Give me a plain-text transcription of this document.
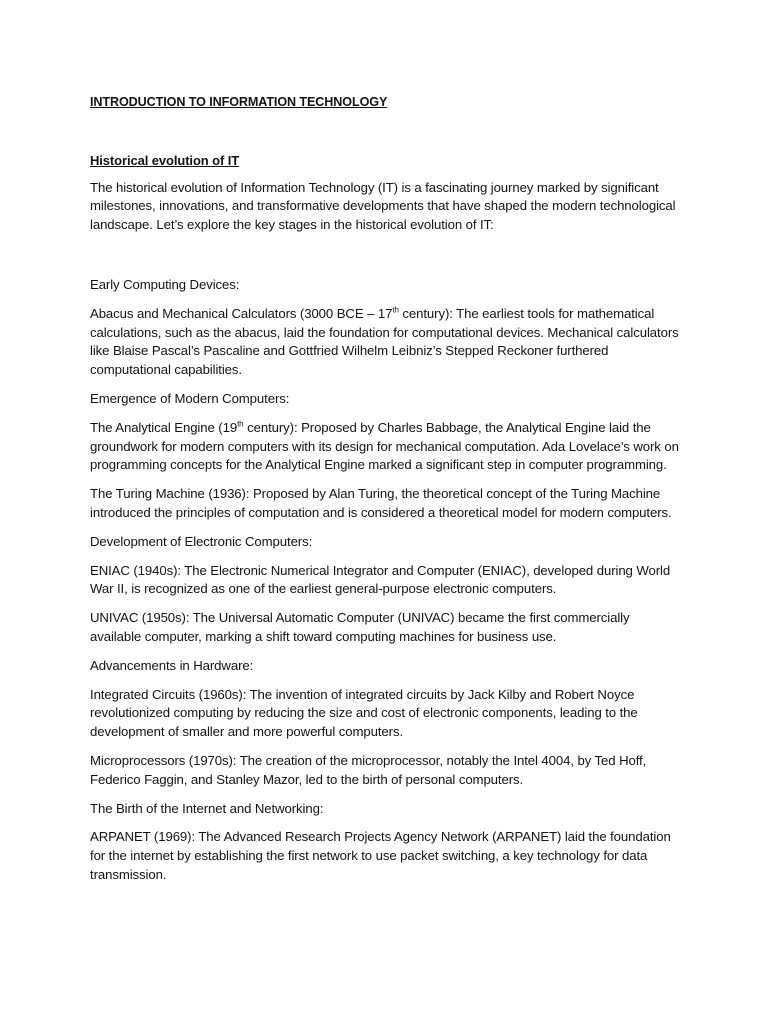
INTRODUCTION TO INFORMATION TECHNOLOGY

Historical evolution of IT

The historical evolution of Information Technology (IT) is a fascinating journey marked by significant milestones, innovations, and transformative developments that have shaped the modern technological landscape. Let’s explore the key stages in the historical evolution of IT:

Early Computing Devices:

Abacus and Mechanical Calculators (3000 BCE – 17th century): The earliest tools for mathematical calculations, such as the abacus, laid the foundation for computational devices. Mechanical calculators like Blaise Pascal’s Pascaline and Gottfried Wilhelm Leibniz’s Stepped Reckoner furthered computational capabilities.

Emergence of Modern Computers:

The Analytical Engine (19th century): Proposed by Charles Babbage, the Analytical Engine laid the groundwork for modern computers with its design for mechanical computation. Ada Lovelace’s work on programming concepts for the Analytical Engine marked a significant step in computer programming.

The Turing Machine (1936): Proposed by Alan Turing, the theoretical concept of the Turing Machine introduced the principles of computation and is considered a theoretical model for modern computers.

Development of Electronic Computers:

ENIAC (1940s): The Electronic Numerical Integrator and Computer (ENIAC), developed during World War II, is recognized as one of the earliest general-purpose electronic computers.

UNIVAC (1950s): The Universal Automatic Computer (UNIVAC) became the first commercially available computer, marking a shift toward computing machines for business use.

Advancements in Hardware:

Integrated Circuits (1960s): The invention of integrated circuits by Jack Kilby and Robert Noyce revolutionized computing by reducing the size and cost of electronic components, leading to the development of smaller and more powerful computers.

Microprocessors (1970s): The creation of the microprocessor, notably the Intel 4004, by Ted Hoff, Federico Faggin, and Stanley Mazor, led to the birth of personal computers.

The Birth of the Internet and Networking:

ARPANET (1969): The Advanced Research Projects Agency Network (ARPANET) laid the foundation for the internet by establishing the first network to use packet switching, a key technology for data transmission.
